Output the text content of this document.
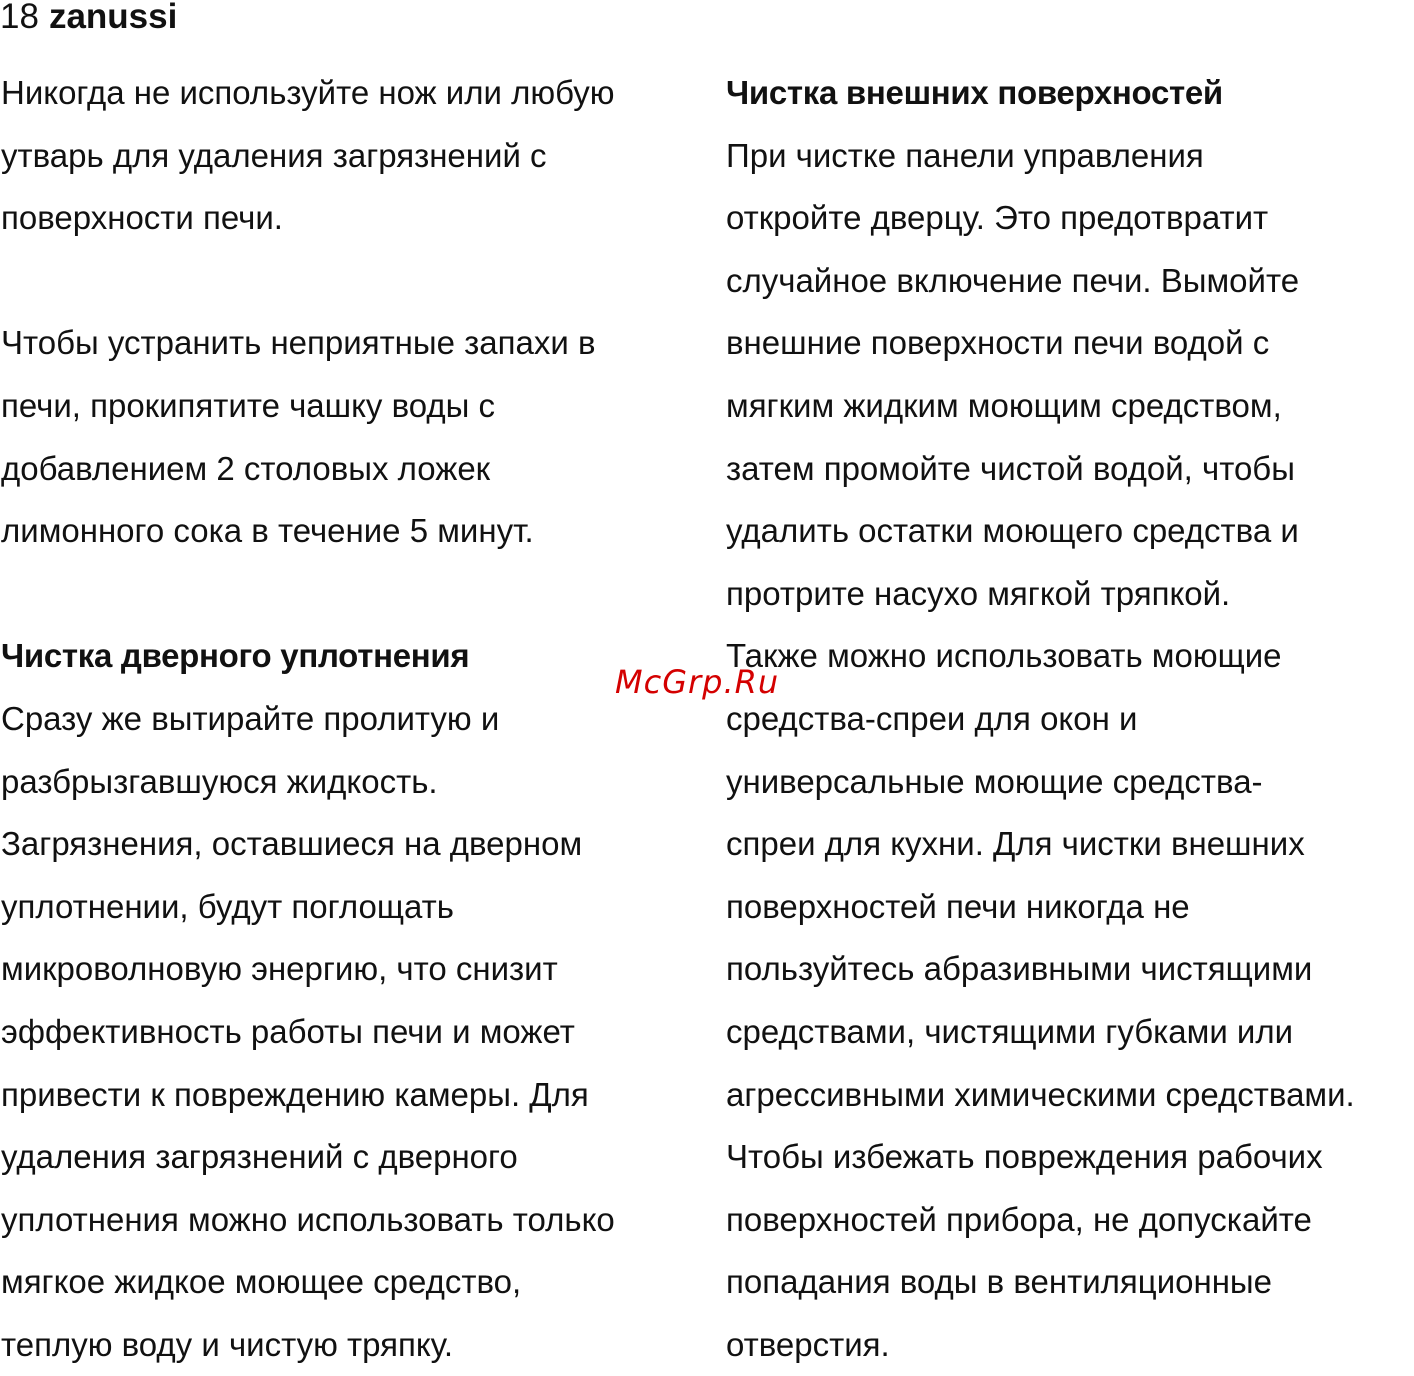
18 zanussi
Никогда не используйте нож или любую
утварь для удаления загрязнений с
поверхности печи.
Чтобы устранить неприятные запахи в
печи, прокипятите чашку воды с
добавлением 2 столовых ложек
лимонного сока в течение 5 минут.
Чистка дверного уплотнения
Сразу же вытирайте пролитую и
разбрызгавшуюся жидкость.
Загрязнения, оставшиеся на дверном
уплотнении, будут поглощать
микроволновую энергию, что снизит
эффективность работы печи и может
привести к повреждению камеры. Для
удаления загрязнений с дверного
уплотнения можно использовать только
мягкое жидкое моющее средство,
теплую воду и чистую тряпку.
Чистка внешних поверхностей
При чистке панели управления
откройте дверцу. Это предотвратит
случайное включение печи. Вымойте
внешние поверхности печи водой с
мягким жидким моющим средством,
затем промойте чистой водой, чтобы
удалить остатки моющего средства и
протрите насухо мягкой тряпкой.
Также можно использовать моющие
средства-спреи для окон и
универсальные моющие средства-
спреи для кухни. Для чистки внешних
поверхностей печи никогда не
пользуйтесь абразивными чистящими
средствами, чистящими губками или
агрессивными химическими средствами.
Чтобы избежать повреждения рабочих
поверхностей прибора, не допускайте
попадания воды в вентиляционные
отверстия.
McGrp.Ru
